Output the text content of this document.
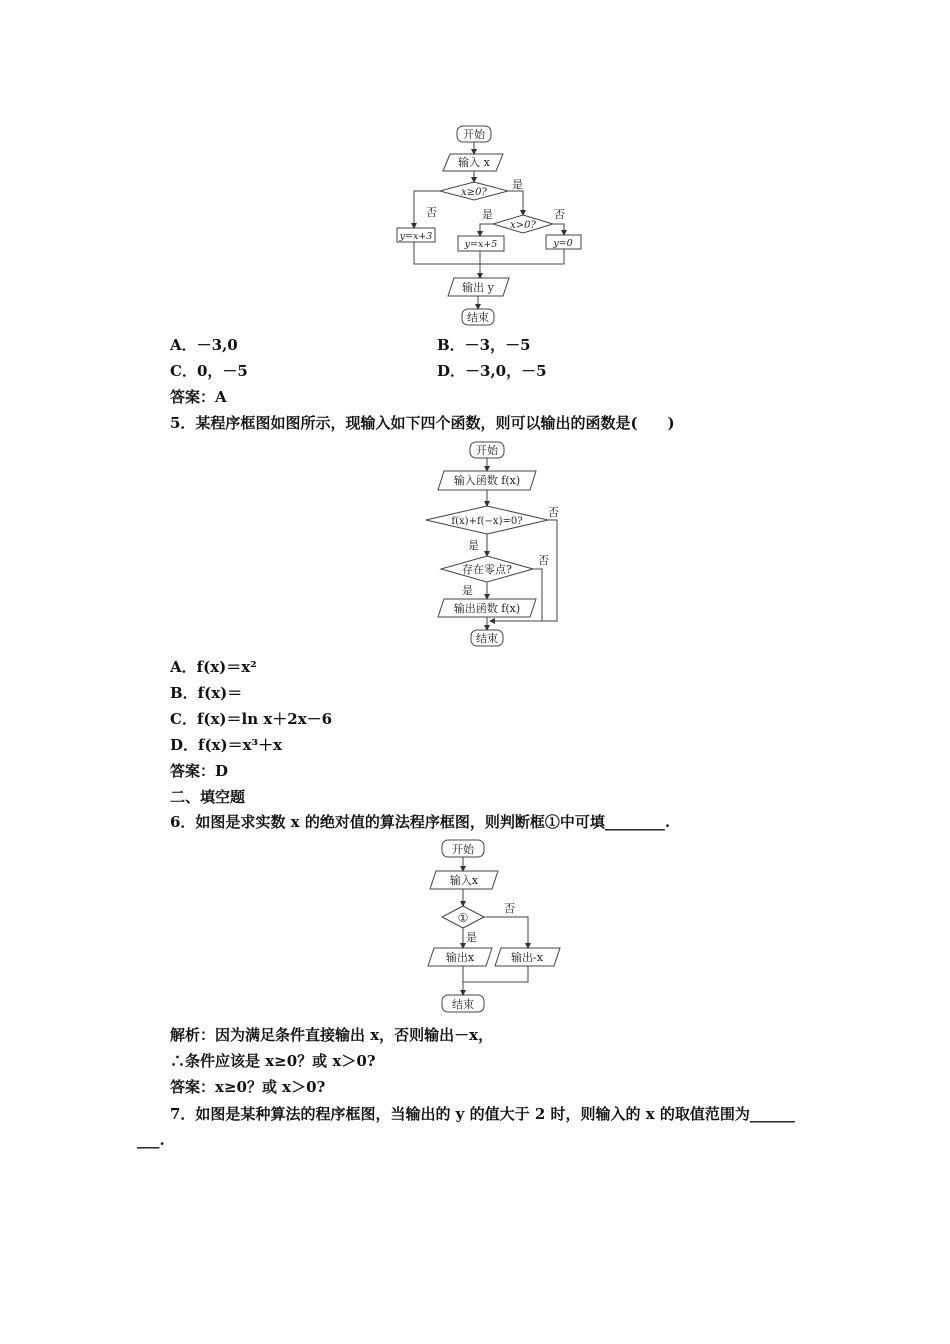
开始
输入 x
x≥0?
是
否
x>0?
是	否
y=x+3
y=x+5	y=0
输出 y
结束
A．－3,0	B．－3，－5
C．0，－5	D．－3,0，－5
答案：A
5．某程序框图如图所示，现输入如下四个函数，则可以输出的函数是(　　)
开始
输入函数 f(x)
f(x)+f(−x)=0?
否
是
存在零点?
否
是
输出函数 f(x)
结束
A．f(x)＝x²
B．f(x)＝
C．f(x)＝ln x＋2x－6
D．f(x)＝x³＋x
答案：D
二、填空题
6．如图是求实数 x 的绝对值的算法程序框图，则判断框①中可填________.
开始
输入x
①
否
是
输出x	输出-x
结束
解析：因为满足条件直接输出 x，否则输出－x，
∴条件应该是 x≥0？或 x＞0?
答案：x≥0？或 x＞0?
7．如图是某种算法的程序框图，当输出的 y 的值大于 2 时，则输入的 x 的取值范围为______
___.
